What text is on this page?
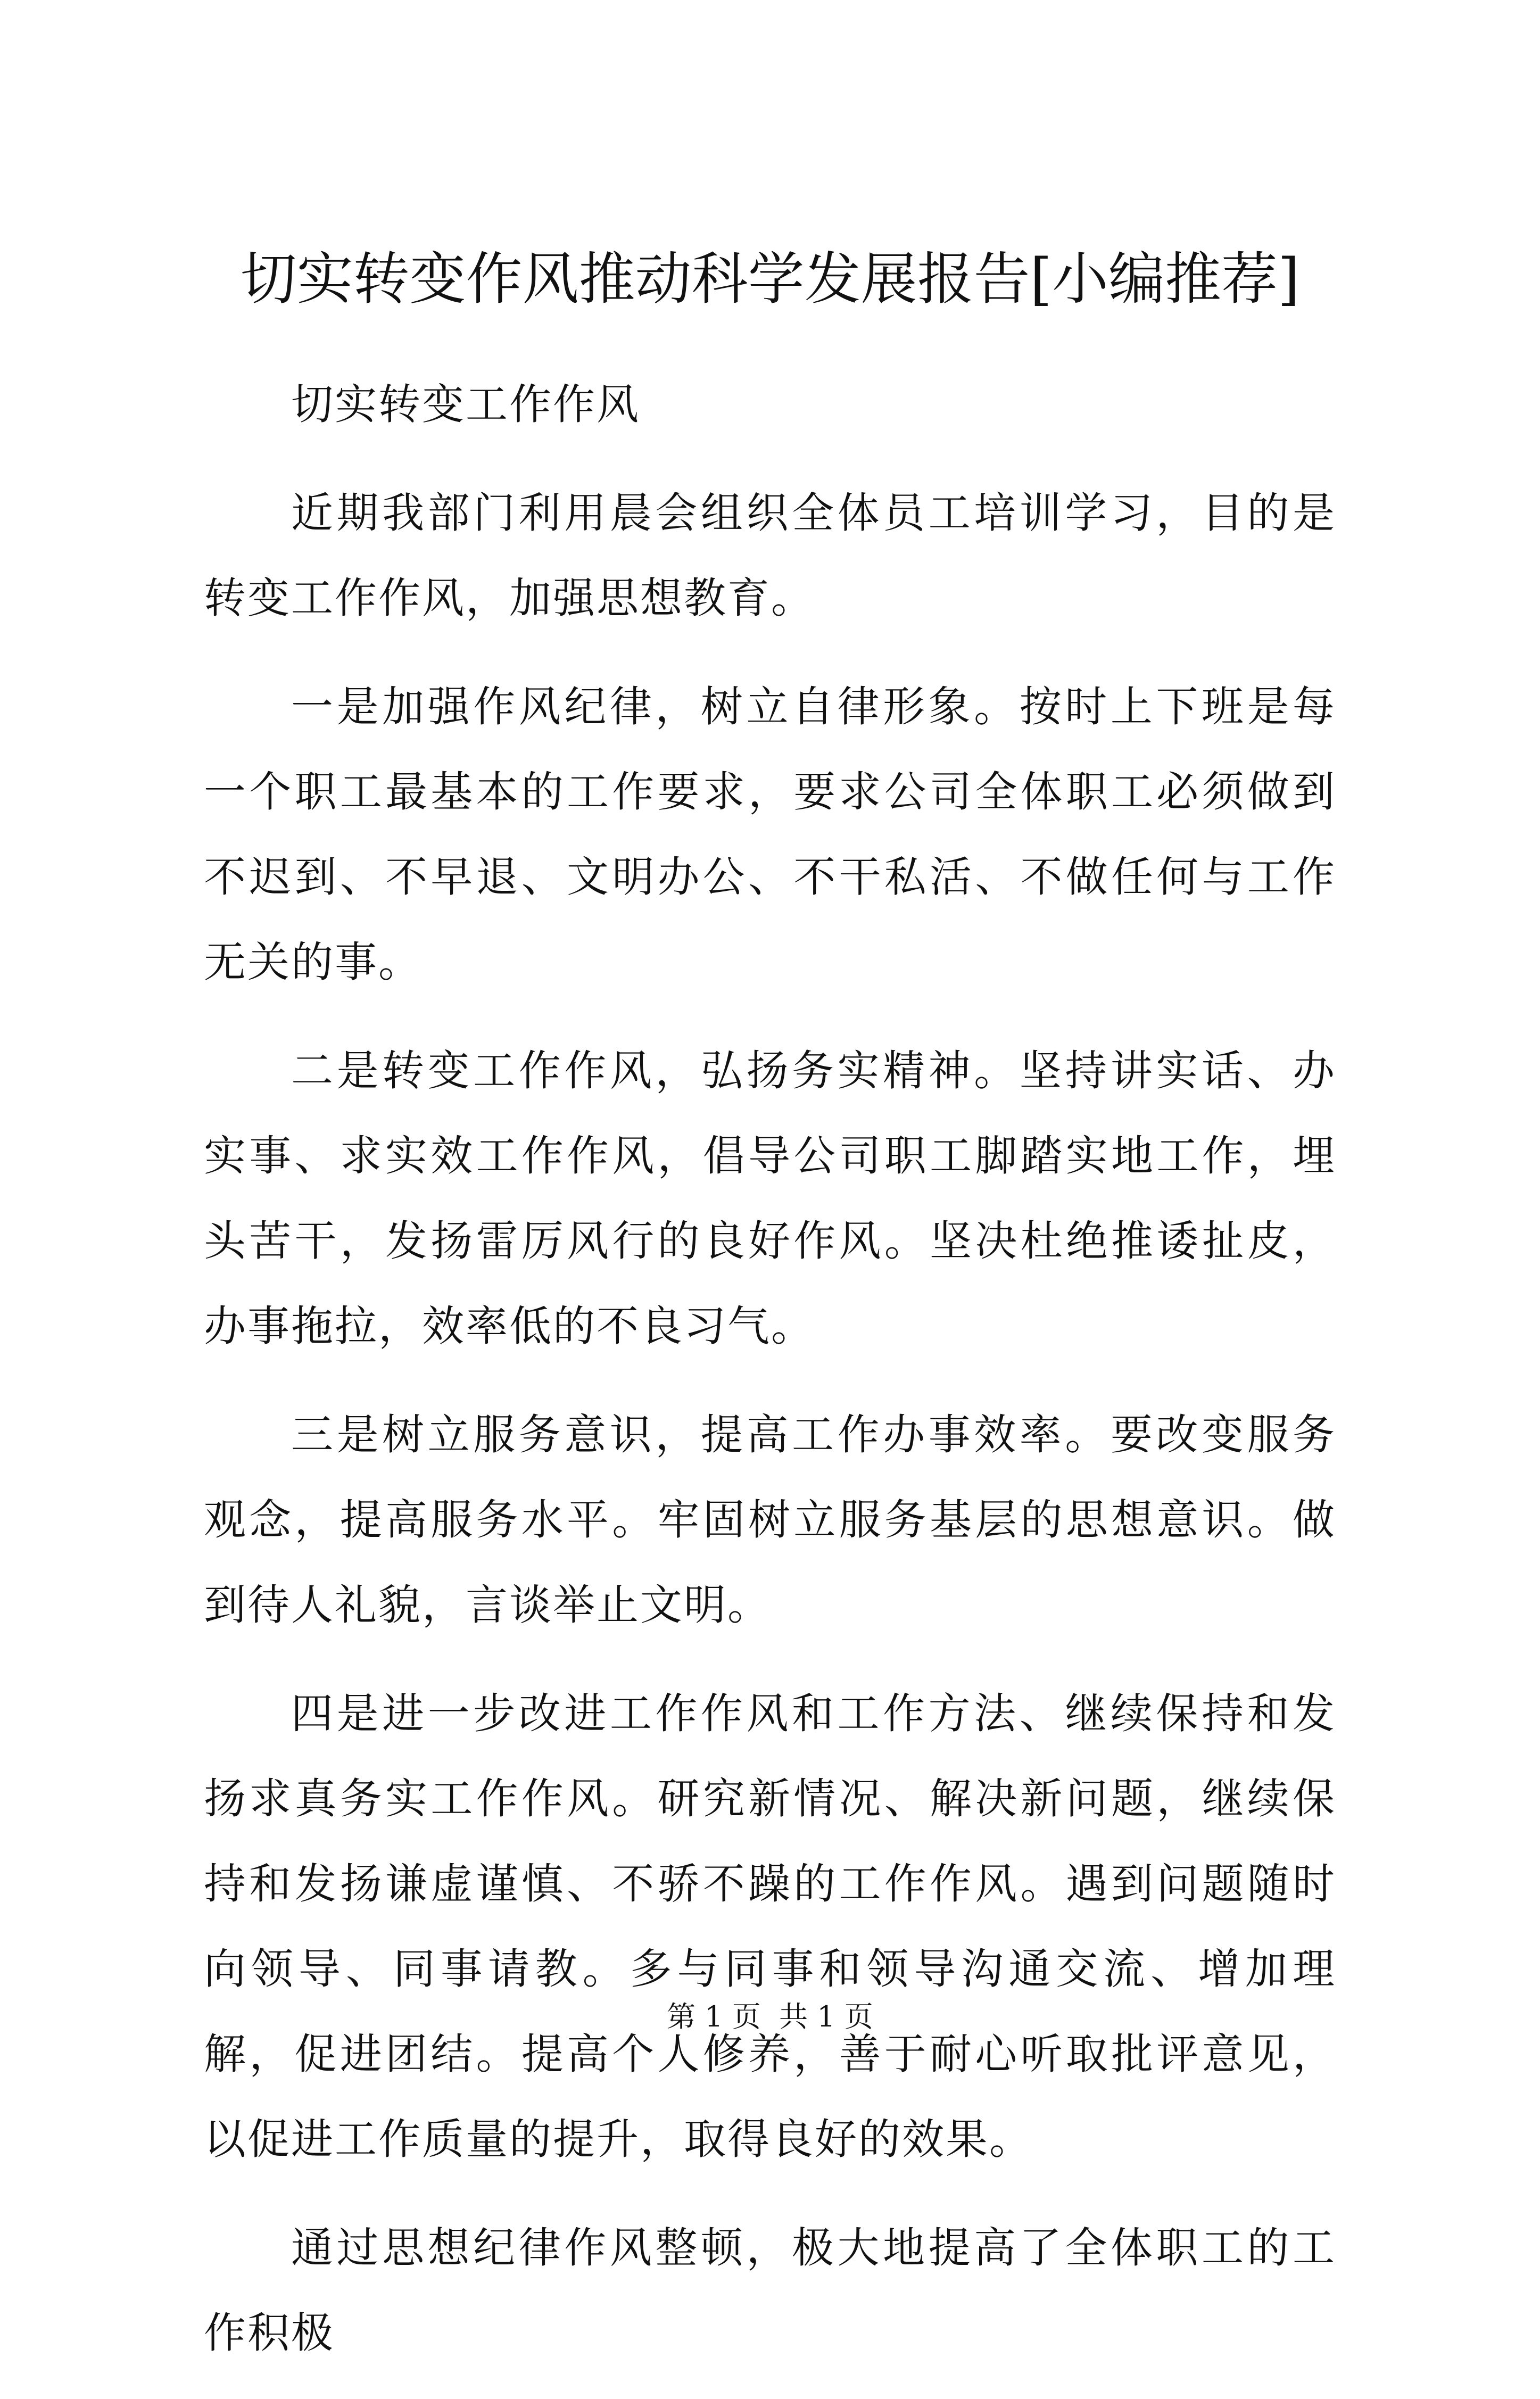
切实转变作风推动科学发展报告[小编推荐]

切实转变工作作风

近期我部门利用晨会组织全体员工培训学习，目的是转变工作作风，加强思想教育。

一是加强作风纪律，树立自律形象。按时上下班是每一个职工最基本的工作要求，要求公司全体职工必须做到不迟到、不早退、文明办公、不干私活、不做任何与工作无关的事。

二是转变工作作风，弘扬务实精神。坚持讲实话、办实事、求实效工作作风，倡导公司职工脚踏实地工作，埋头苦干，发扬雷厉风行的良好作风。坚决杜绝推诿扯皮，办事拖拉，效率低的不良习气。

三是树立服务意识，提高工作办事效率。要改变服务观念，提高服务水平。牢固树立服务基层的思想意识。做到待人礼貌，言谈举止文明。

四是进一步改进工作作风和工作方法、继续保持和发扬求真务实工作作风。研究新情况、解决新问题，继续保持和发扬谦虚谨慎、不骄不躁的工作作风。遇到问题随时向领导、同事请教。多与同事和领导沟通交流、增加理解，促进团结。提高个人修养，善于耐心听取批评意见，以促进工作质量的提升，取得良好的效果。

通过思想纪律作风整顿，极大地提高了全体职工的工作积极

第 1 页  共 1 页
